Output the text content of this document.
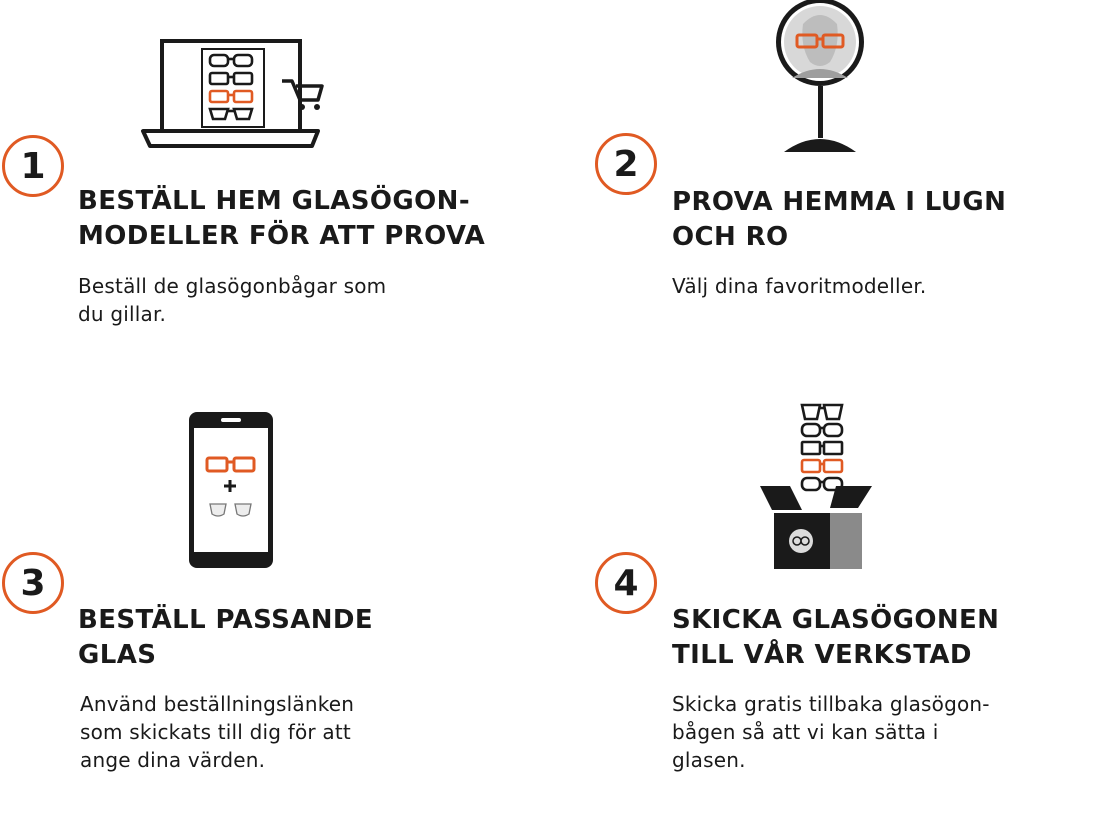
1

BESTÄLL HEM GLASÖGON-
MODELLER FÖR ATT PROVA

Beställ de glasögonbågar som
du gillar.

2

PROVA HEMMA I LUGN
OCH RO

Välj dina favoritmodeller.

3

BESTÄLL PASSANDE
GLAS

Använd beställningslänken
som skickats till dig för att
ange dina värden.

4

SKICKA GLASÖGONEN
TILL VÅR VERKSTAD

Skicka gratis tillbaka glasögon-
bågen så att vi kan sätta i
glasen.
